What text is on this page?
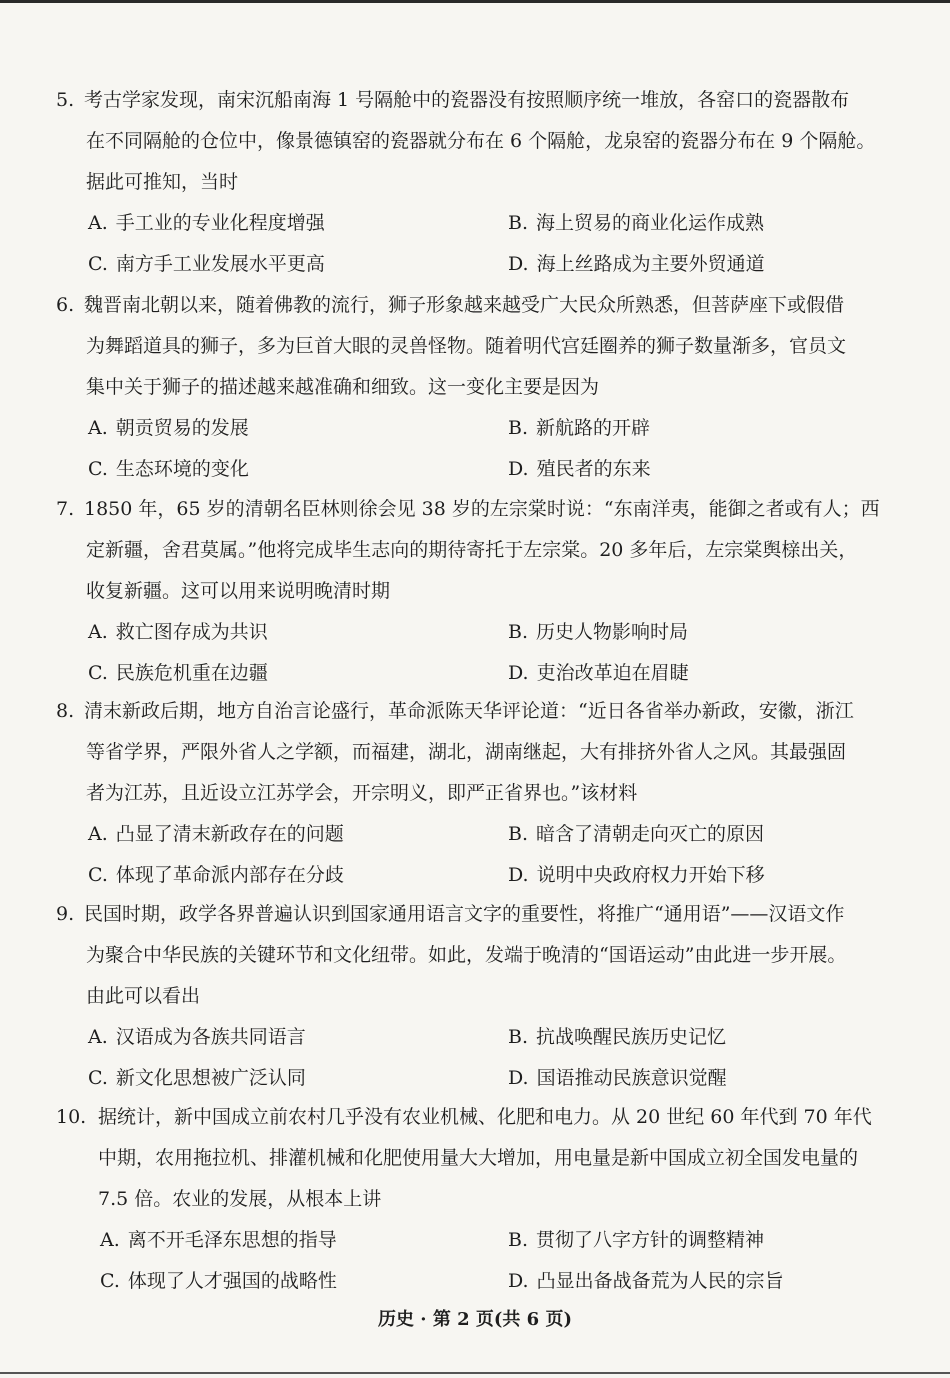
5. 考古学家发现，南宋沉船南海 1 号隔舱中的瓷器没有按照顺序统一堆放，各窑口的瓷器散布
在不同隔舱的仓位中，像景德镇窑的瓷器就分布在 6 个隔舱，龙泉窑的瓷器分布在 9 个隔舱。
据此可推知，当时
A. 手工业的专业化程度增强	B. 海上贸易的商业化运作成熟
C. 南方手工业发展水平更高	D. 海上丝路成为主要外贸通道
6. 魏晋南北朝以来，随着佛教的流行，狮子形象越来越受广大民众所熟悉，但菩萨座下或假借
为舞蹈道具的狮子，多为巨首大眼的灵兽怪物。随着明代宫廷圈养的狮子数量渐多，官员文
集中关于狮子的描述越来越准确和细致。这一变化主要是因为
A. 朝贡贸易的发展	B. 新航路的开辟
C. 生态环境的变化	D. 殖民者的东来
7. 1850 年，65 岁的清朝名臣林则徐会见 38 岁的左宗棠时说：“东南洋夷，能御之者或有人；西
定新疆，舍君莫属。”他将完成毕生志向的期待寄托于左宗棠。20 多年后，左宗棠舆榇出关，
收复新疆。这可以用来说明晚清时期
A. 救亡图存成为共识	B. 历史人物影响时局
C. 民族危机重在边疆	D. 吏治改革迫在眉睫
8. 清末新政后期，地方自治言论盛行，革命派陈天华评论道：“近日各省举办新政，安徽，浙江
等省学界，严限外省人之学额，而福建，湖北，湖南继起，大有排挤外省人之风。其最强固
者为江苏，且近设立江苏学会，开宗明义，即严正省界也。”该材料
A. 凸显了清末新政存在的问题	B. 暗含了清朝走向灭亡的原因
C. 体现了革命派内部存在分歧	D. 说明中央政府权力开始下移
9. 民国时期，政学各界普遍认识到国家通用语言文字的重要性，将推广“通用语”——汉语文作
为聚合中华民族的关键环节和文化纽带。如此，发端于晚清的“国语运动”由此进一步开展。
由此可以看出
A. 汉语成为各族共同语言	B. 抗战唤醒民族历史记忆
C. 新文化思想被广泛认同	D. 国语推动民族意识觉醒
10. 据统计，新中国成立前农村几乎没有农业机械、化肥和电力。从 20 世纪 60 年代到 70 年代
中期，农用拖拉机、排灌机械和化肥使用量大大增加，用电量是新中国成立初全国发电量的
7.5 倍。农业的发展，从根本上讲
A. 离不开毛泽东思想的指导	B. 贯彻了八字方针的调整精神
C. 体现了人才强国的战略性	D. 凸显出备战备荒为人民的宗旨
历史 · 第 2 页(共 6 页)
